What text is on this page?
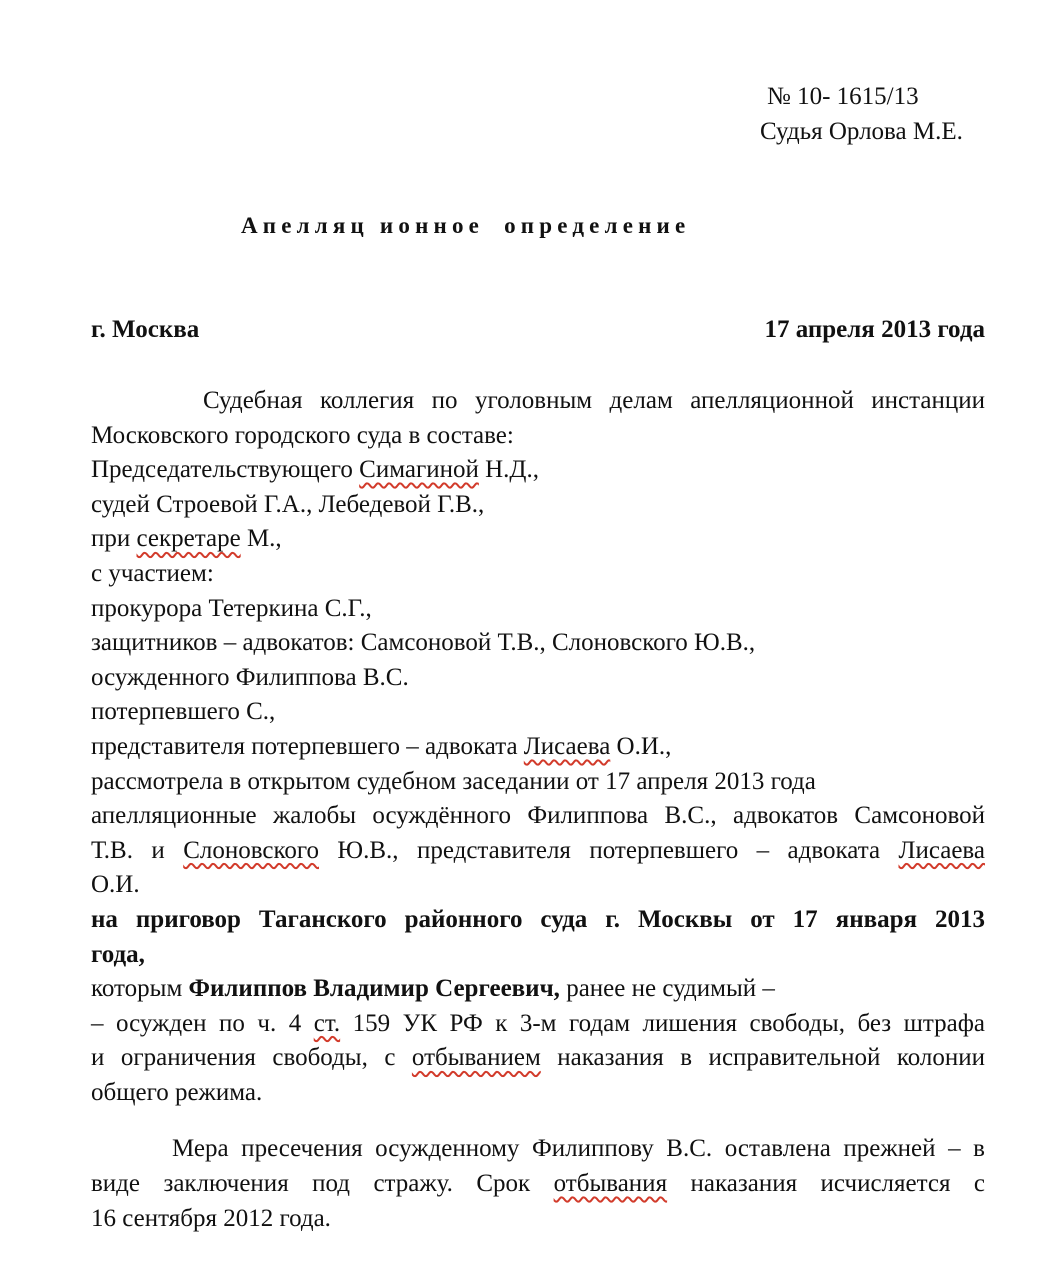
№ 10- 1615/13
Судья Орлова М.Е.
Апелляц ионное определение
г. Москва	17 апреля 2013 года
Судебная коллегия по уголовным делам апелляционной инстанции
Московского городского суда в составе:
Председательствующего Симагиной Н.Д.,
судей Строевой Г.А., Лебедевой Г.В.,
при секретаре М.,
с участием:
прокурора Тетеркина С.Г.,
защитников – адвокатов: Самсоновой Т.В., Слоновского Ю.В.,
осужденного Филиппова В.С.
потерпевшего С.,
представителя потерпевшего – адвоката Лисаева О.И.,
рассмотрела в открытом судебном заседании от 17 апреля 2013 года
апелляционные жалобы осуждённого Филиппова В.С., адвокатов Самсоновой
Т.В. и Слоновского Ю.В., представителя потерпевшего – адвоката Лисаева
О.И.
на приговор Таганского районного суда г. Москвы от 17 января 2013
года,
которым Филиппов Владимир Сергеевич, ранее не судимый –
– осужден по ч. 4 ст. 159 УК РФ к 3-м годам лишения свободы, без штрафа
и ограничения свободы, с отбыванием наказания в исправительной колонии
общего режима.
Мера пресечения осужденному Филиппову В.С. оставлена прежней – в
виде заключения под стражу. Срок отбывания наказания исчисляется с
16 сентября 2012 года.
